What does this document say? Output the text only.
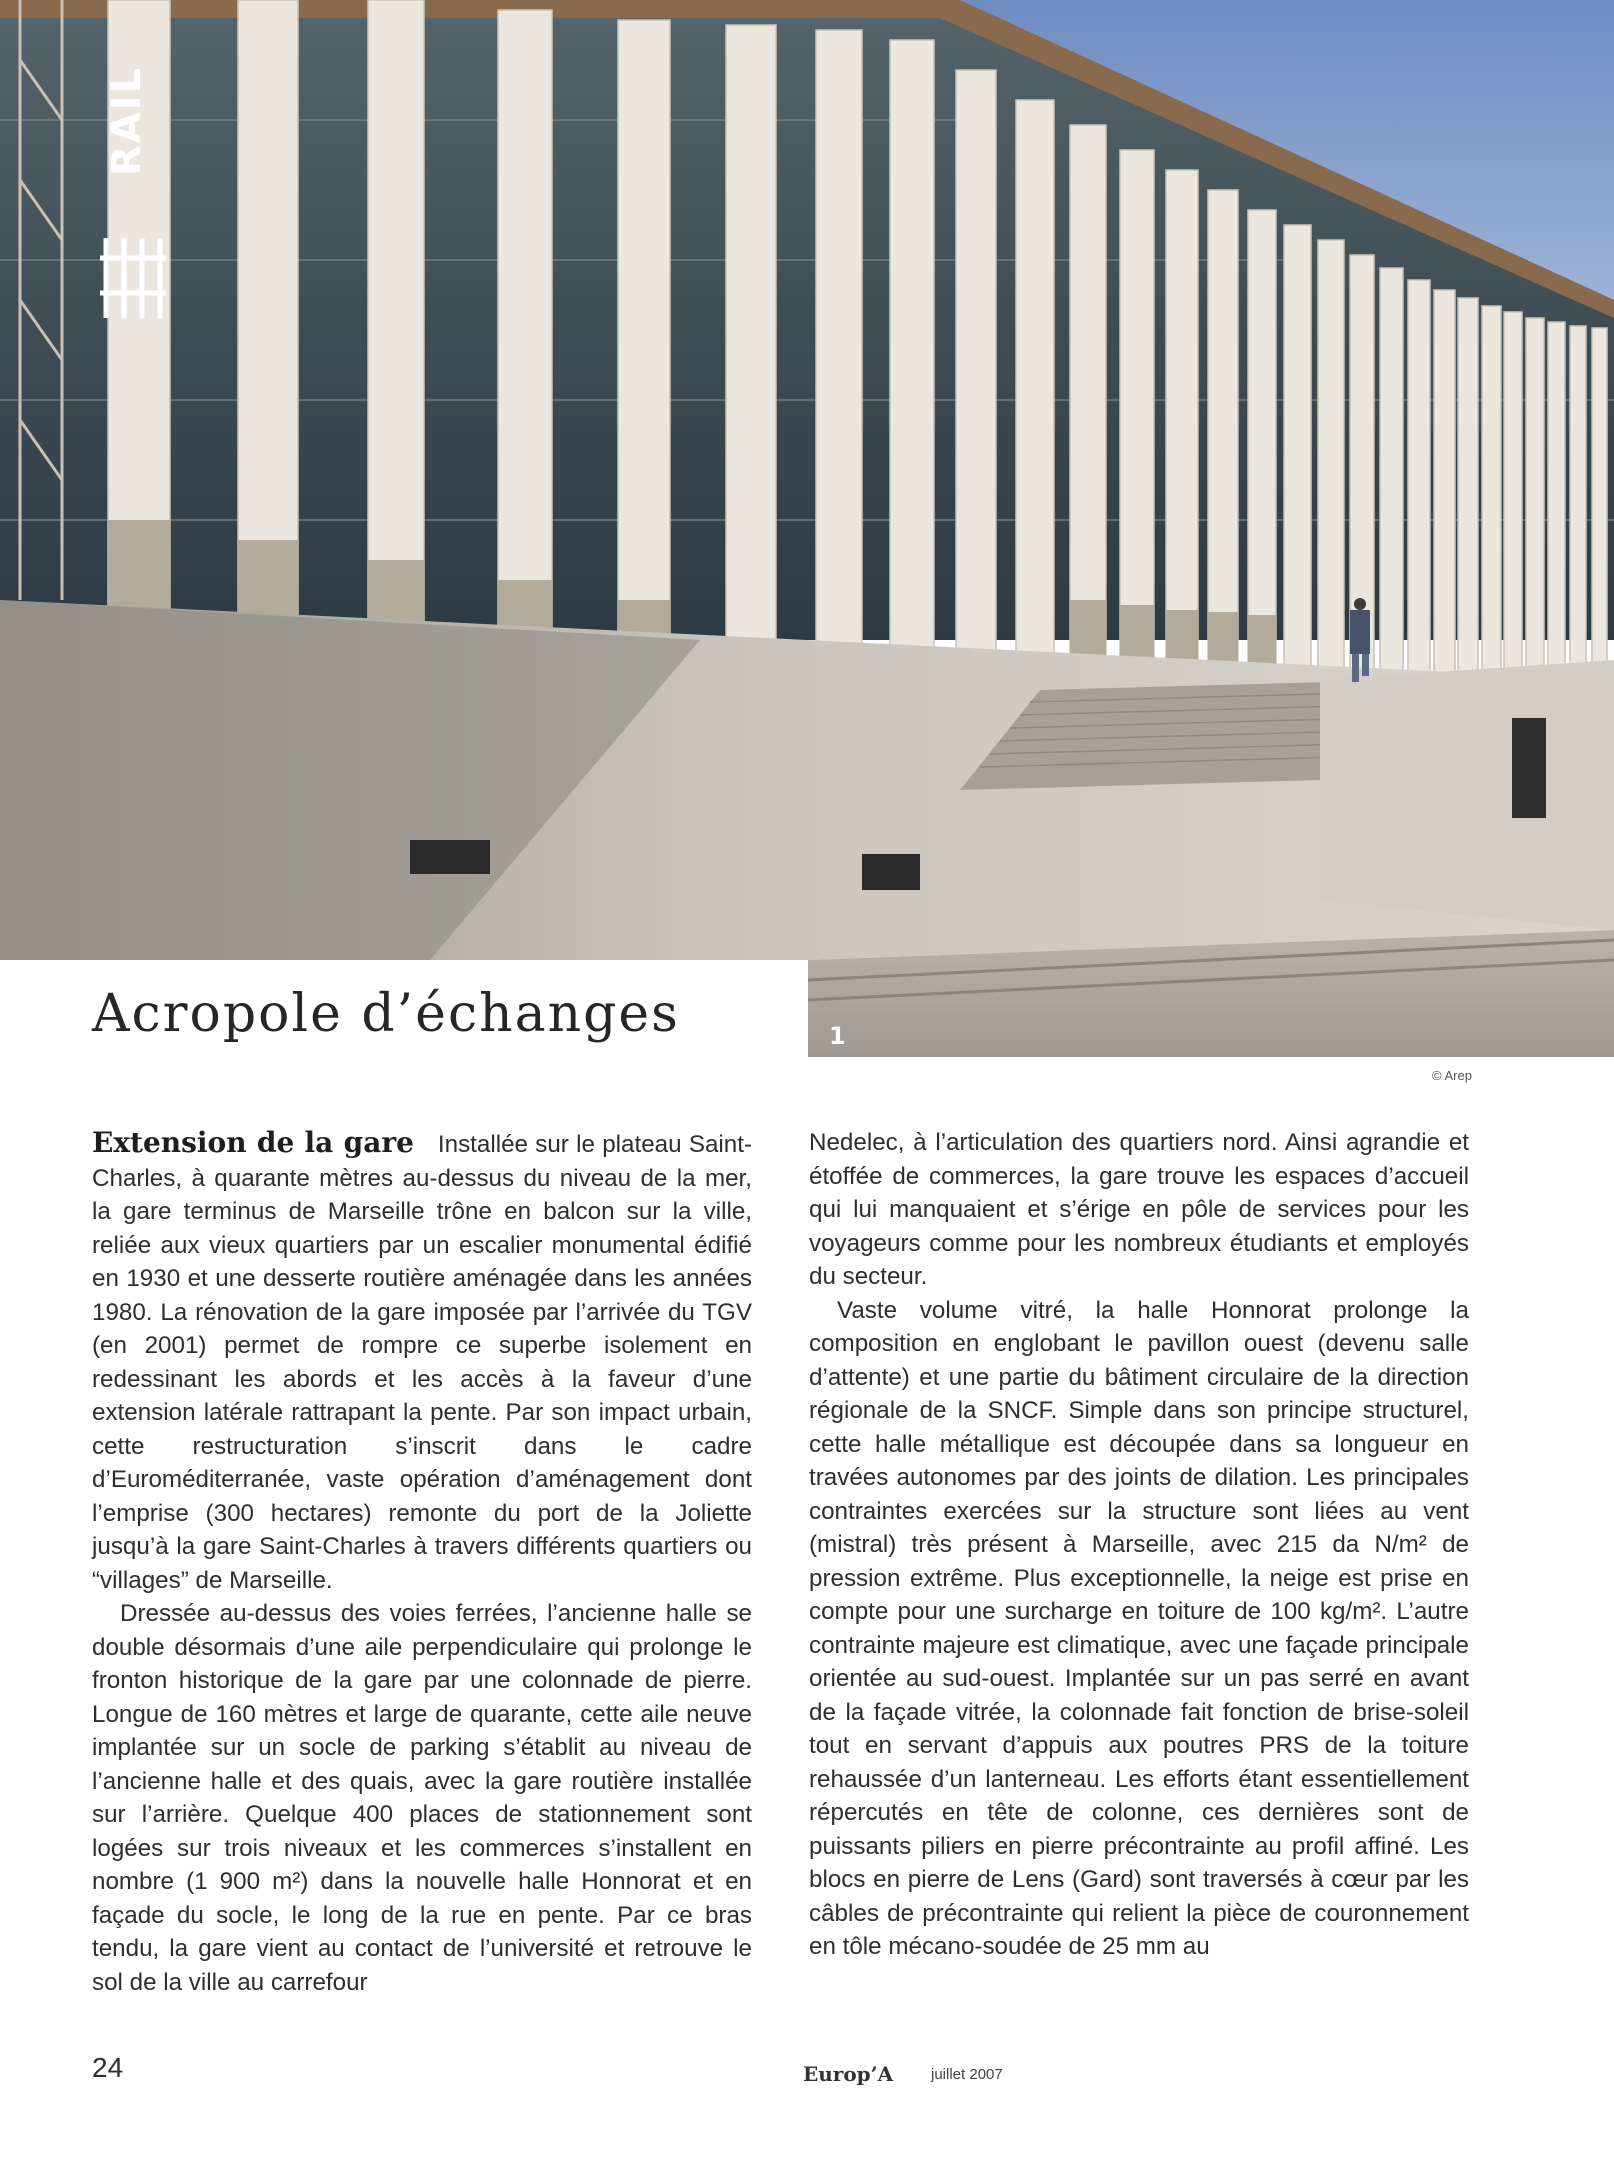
RAIL
1
Acropole d’échanges
© Arep

Extension de la gare Installée sur le plateau Saint-Charles, à quarante mètres au-dessus du niveau de la mer, la gare terminus de Marseille trône en balcon sur la ville, reliée aux vieux quartiers par un escalier monumental édifié en 1930 et une desserte routière aménagée dans les années 1980. La rénovation de la gare imposée par l’arrivée du TGV (en 2001) permet de rompre ce superbe isolement en redessinant les abords et les accès à la faveur d’une extension latérale rattrapant la pente. Par son impact urbain, cette restructuration s’inscrit dans le cadre d’Euroméditerranée, vaste opération d’aménagement dont l’emprise (300 hectares) remonte du port de la Joliette jusqu’à la gare Saint-Charles à travers différents quartiers ou “villages” de Marseille.

Dressée au-dessus des voies ferrées, l’ancienne halle se double désormais d’une aile perpendiculaire qui prolonge le fronton historique de la gare par une colonnade de pierre. Longue de 160 mètres et large de quarante, cette aile neuve implantée sur un socle de parking s’établit au niveau de l’ancienne halle et des quais, avec la gare routière installée sur l’arrière. Quelque 400 places de stationnement sont logées sur trois niveaux et les commerces s’installent en nombre (1 900 m²) dans la nouvelle halle Honnorat et en façade du socle, le long de la rue en pente. Par ce bras tendu, la gare vient au contact de l’université et retrouve le sol de la ville au carrefour

Nedelec, à l’articulation des quartiers nord. Ainsi agrandie et étoffée de commerces, la gare trouve les espaces d’accueil qui lui manquaient et s’érige en pôle de services pour les voyageurs comme pour les nombreux étudiants et employés du secteur.

Vaste volume vitré, la halle Honnorat prolonge la composition en englobant le pavillon ouest (devenu salle d’attente) et une partie du bâtiment circulaire de la direction régionale de la SNCF. Simple dans son principe structurel, cette halle métallique est découpée dans sa longueur en travées autonomes par des joints de dilation. Les principales contraintes exercées sur la structure sont liées au vent (mistral) très présent à Marseille, avec 215 da N/m² de pression extrême. Plus exceptionnelle, la neige est prise en compte pour une surcharge en toiture de 100 kg/m². L’autre contrainte majeure est climatique, avec une façade principale orientée au sud-ouest. Implantée sur un pas serré en avant de la façade vitrée, la colonnade fait fonction de brise-soleil tout en servant d’appuis aux poutres PRS de la toiture rehaussée d’un lanterneau. Les efforts étant essentiellement répercutés en tête de colonne, ces dernières sont de puissants piliers en pierre précontrainte au profil affiné. Les blocs en pierre de Lens (Gard) sont traversés à cœur par les câbles de précontrainte qui relient la pièce de couronnement en tôle mécano-soudée de 25 mm au

24	Europ’A	juillet 2007
